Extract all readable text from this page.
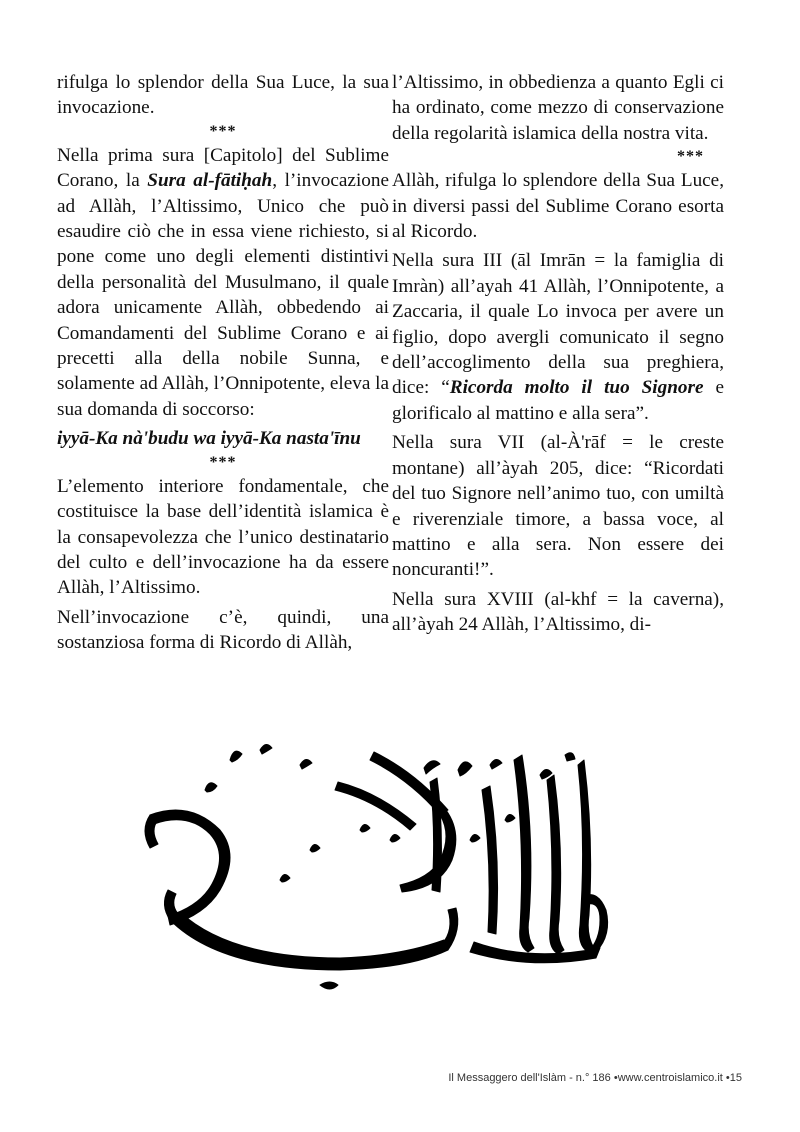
rifulga lo splendor della Sua Luce, la sua invocazione.

***

Nella prima sura [Capitolo] del Sublime Corano, la Sura al-fātiḥah, l’invocazione ad Allàh, l’Altissimo, Unico che può esaudire ciò che in essa viene richiesto, si pone come uno degli elementi distintivi della personalità del Musulmano, il quale adora unicamente Allàh, obbedendo ai Comandamenti del Sublime Corano e ai precetti alla della nobile Sunna, e solamente ad Allàh, l’Onnipotente, eleva la sua domanda di soccorso:

iyyā-Ka nà'budu wa iyyā-Ka nasta'īnu

***

L’elemento interiore fondamentale, che costituisce la base dell’identità islamica è la consapevolezza che l’unico destinatario del culto e dell’invocazione ha da essere Allàh, l’Altissimo.

Nell’invocazione c’è, quindi, una sostanziosa forma di Ricordo di Allàh,

l’Altissimo, in obbedienza a quanto Egli ci ha ordinato, come mezzo di conservazione della regolarità islamica della nostra vita.

***

Allàh, rifulga lo splendore della Sua Luce, in diversi passi del Sublime Corano esorta al Ricordo.

Nella sura III (āl Imrān = la famiglia di Imràn) all’ayah 41 Allàh, l’Onnipotente, a Zaccaria, il quale Lo invoca per avere un figlio, dopo avergli comunicato il segno dell’accoglimento della sua preghiera, dice: “Ricorda molto il tuo Signore e glorificalo al mattino e alla sera”.

Nella sura VII (al-À'rāf = le creste montane) all’àyah 205, dice: “Ricordati del tuo Signore nell’animo tuo, con umiltà e riverenziale timore, a bassa voce, al mattino e alla sera. Non essere dei noncuranti!”.

Nella sura XVIII (al-khf = la caverna), all’àyah 24 Allàh, l’Altissimo, di-

الله اكبر
Il Messaggero dell'Islàm - n.° 186 • www.centroislamico.it • 15
